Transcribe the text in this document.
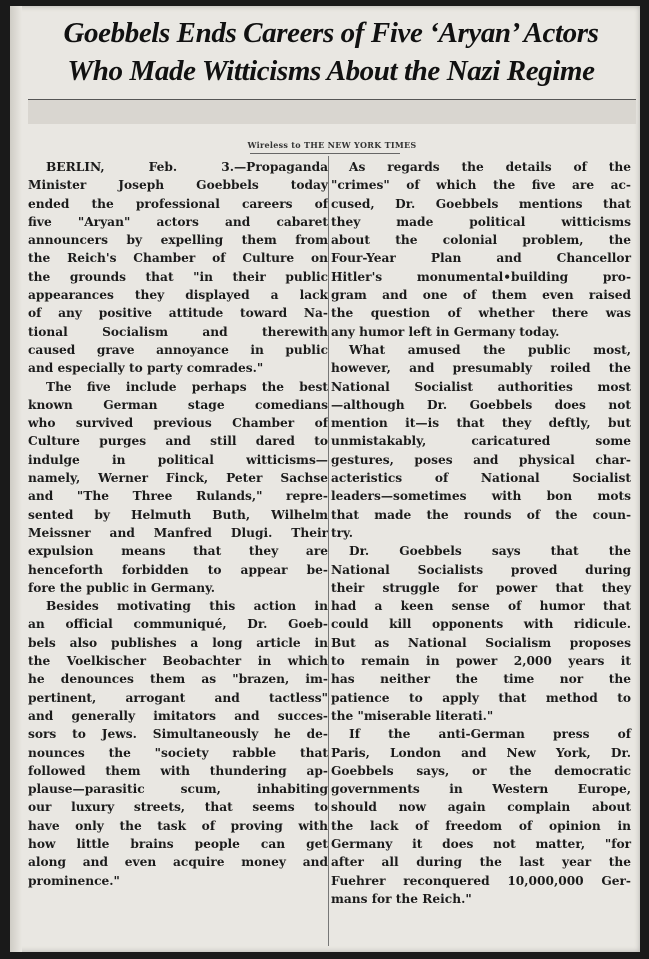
Goebbels Ends Careers of Five ‘Aryan’ Actors
Who Made Witticisms About the Nazi Regime
Wireless to THE NEW YORK TIMES
BERLIN, Feb. 3.—Propaganda
Minister Joseph Goebbels today
ended the professional careers of
five "Aryan" actors and cabaret
announcers by expelling them from
the Reich's Chamber of Culture on
the grounds that "in their public
appearances they displayed a lack
of any positive attitude toward Na-
tional Socialism and therewith
caused grave annoyance in public
and especially to party comrades."
The five include perhaps the best
known German stage comedians
who survived previous Chamber of
Culture purges and still dared to
indulge in political witticisms—
namely, Werner Finck, Peter Sachse
and "The Three Rulands," repre-
sented by Helmuth Buth, Wilhelm
Meissner and Manfred Dlugi. Their
expulsion means that they are
henceforth forbidden to appear be-
fore the public in Germany.
Besides motivating this action in
an official communiqué, Dr. Goeb-
bels also publishes a long article in
the Voelkischer Beobachter in which
he denounces them as "brazen, im-
pertinent, arrogant and tactless"
and generally imitators and succes-
sors to Jews. Simultaneously he de-
nounces the "society rabble that
followed them with thundering ap-
plause—parasitic scum, inhabiting
our luxury streets, that seems to
have only the task of proving with
how little brains people can get
along and even acquire money and
prominence."
As regards the details of the
"crimes" of which the five are ac-
cused, Dr. Goebbels mentions that
they made political witticisms
about the colonial problem, the
Four-Year Plan and Chancellor
Hitler's monumental•building pro-
gram and one of them even raised
the question of whether there was
any humor left in Germany today.
What amused the public most,
however, and presumably roiled the
National Socialist authorities most
—although Dr. Goebbels does not
mention it—is that they deftly, but
unmistakably, caricatured some
gestures, poses and physical char-
acteristics of National Socialist
leaders—sometimes with bon mots
that made the rounds of the coun-
try.
Dr. Goebbels says that the
National Socialists proved during
their struggle for power that they
had a keen sense of humor that
could kill opponents with ridicule.
But as National Socialism proposes
to remain in power 2,000 years it
has neither the time nor the
patience to apply that method to
the "miserable literati."
If the anti-German press of
Paris, London and New York, Dr.
Goebbels says, or the democratic
governments in Western Europe,
should now again complain about
the lack of freedom of opinion in
Germany it does not matter, "for
after all during the last year the
Fuehrer reconquered 10,000,000 Ger-
mans for the Reich."
